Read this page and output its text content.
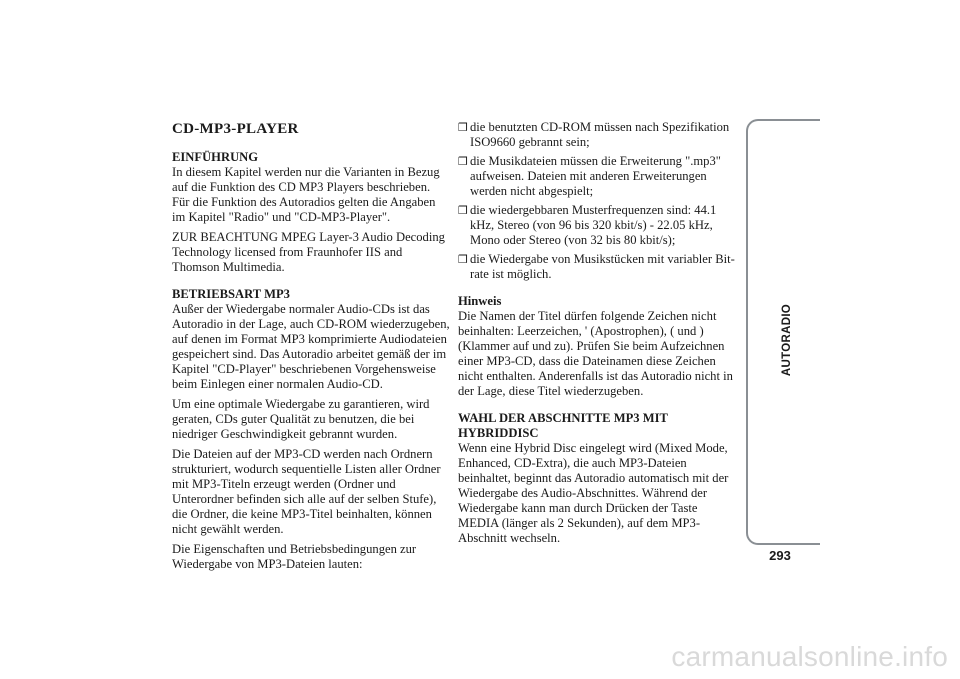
CD-MP3-PLAYER

EINFÜHRUNG

In diesem Kapitel werden nur die Varianten in Bezug auf die Funktion des CD MP3 Players beschrieben. Für die Funktion des Autoradios gelten die Angaben im Kapitel "Radio" und "CD-MP3-Player".

ZUR BEACHTUNG MPEG Layer-3 Audio Decoding Technology licensed from Fraunhofer IIS and Thomson Multimedia.

BETRIEBSART MP3

Außer der Wiedergabe normaler Audio-CDs ist das Autoradio in der Lage, auch CD-ROM wiederzugeben, auf denen im Format MP3 komprimierte Audiodateien gespeichert sind. Das Autoradio arbeitet gemäß der im Kapitel "CD-Player" beschriebenen Vorgehensweise beim Einlegen einer normalen Audio-CD.

Um eine optimale Wiedergabe zu garantieren, wird geraten, CDs guter Qualität zu benutzen, die bei niedriger Geschwindigkeit gebrannt wurden.

Die Dateien auf der MP3-CD werden nach Ordnern strukturiert, wodurch sequentielle Listen aller Ordner mit MP3-Titeln erzeugt werden (Ordner und Unterordner befinden sich alle auf der selben Stufe), die Ordner, die keine MP3-Titel beinhalten, können nicht gewählt werden.

Die Eigenschaften und Betriebsbedingungen zur Wiedergabe von MP3-Dateien lauten:

❒ die benutzten CD-ROM müssen nach Spezifikation ISO9660 gebrannt sein;
❒ die Musikdateien müssen die Erweiterung ".mp3" aufweisen. Dateien mit anderen Erweiterungen werden nicht abgespielt;
❒ die wiedergebbaren Musterfrequenzen sind: 44.1 kHz, Stereo (von 96 bis 320 kbit/s) - 22.05 kHz, Mono oder Stereo (von 32 bis 80 kbit/s);
❒ die Wiedergabe von Musikstücken mit variabler Bit-rate ist möglich.

Hinweis

Die Namen der Titel dürfen folgende Zeichen nicht beinhalten: Leerzeichen, ' (Apostrophen), ( und ) (Klammer auf und zu). Prüfen Sie beim Aufzeichnen einer MP3-CD, dass die Dateinamen diese Zeichen nicht enthalten. Anderenfalls ist das Autoradio nicht in der Lage, diese Titel wiederzugeben.

WAHL DER ABSCHNITTE MP3 MIT HYBRIDDISC

Wenn eine Hybrid Disc eingelegt wird (Mixed Mode, Enhanced, CD-Extra), die auch MP3-Dateien beinhaltet, beginnt das Autoradio automatisch mit der Wiedergabe des Audio-Abschnittes. Während der Wiedergabe kann man durch Drücken der Taste MEDIA (länger als 2 Sekunden), auf dem MP3-Abschnitt wechseln.

AUTORADIO
293
carmanualsonline.info
